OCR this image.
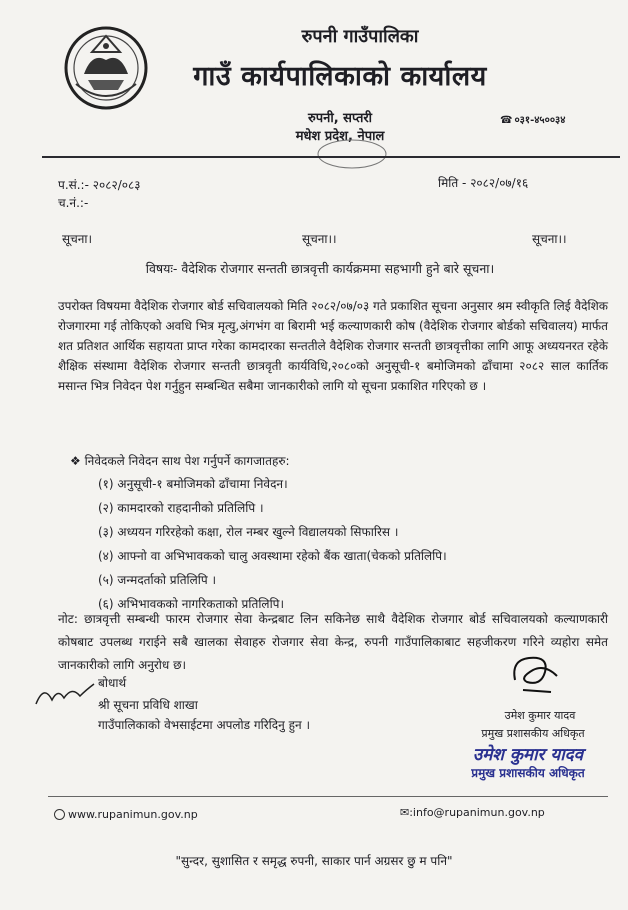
रुपनी गाउँपालिका
गाउँ कार्यपालिकाको कार्यालय
रुपनी, सप्तरी
मधेश प्रदेश, नेपाल
☎ ०३१-४५००३४
प.सं.:- २०८२/०८३
च.नं.:-
मिति - २०८२/०७/१६
सूचना।	सूचना।।	सूचना।।
विषयः- वैदेशिक रोजगार सन्तती छात्रवृत्ती कार्यक्रममा सहभागी हुने बारे सूचना।
उपरोक्त विषयमा वैदेशिक रोजगार बोर्ड सचिवालयको मिति २०८२/०७/०३ गते प्रकाशित सूचना अनुसार श्रम स्वीकृति लिई वैदेशिक रोजगारमा गई तोकिएको अवधि भित्र मृत्यु,अंगभंग वा बिरामी भई कल्याणकारी कोष (वैदेशिक रोजगार बोर्डको सचिवालय) मार्फत शत प्रतिशत आर्थिक सहायता प्राप्त गरेका कामदारका सन्ततीले वैदेशिक रोजगार सन्तती छात्रवृत्तीका लागि आफू अध्ययनरत रहेके शैक्षिक संस्थामा वैदेशिक रोजगार सन्तती छात्रवृती कार्यविधि,२०८०को अनुसूची-१ बमोजिमको ढाँचामा २०८२ साल कार्तिक मसान्त भित्र निवेदन पेश गर्नुहुन सम्बन्धित सबैमा जानकारीको लागि यो सूचना प्रकाशित गरिएको छ ।
❖ निवेदकले निवेदन साथ पेश गर्नुपर्ने कागजातहरु:
(१) अनुसूची-१ बमोजिमको ढाँचामा निवेदन।
(२) कामदारको राहदानीको प्रतिलिपि ।
(३) अध्ययन गरिरहेको कक्षा, रोल नम्बर खुल्ने विद्यालयको सिफारिस ।
(४) आफ्नो वा अभिभावकको चालु अवस्थामा रहेको बैंक खाता(चेकको प्रतिलिपि।
(५) जन्मदर्ताको प्रतिलिपि ।
(६) अभिभावकको नागरिकताको प्रतिलिपि।
नोट: छात्रवृत्ती सम्बन्धी फारम रोजगार सेवा केन्द्रबाट लिन सकिनेछ साथै वैदेशिक रोजगार बोर्ड सचिवालयको कल्याणकारी कोषबाट उपलब्ध गराईने सबै खालका सेवाहरु रोजगार सेवा केन्द्र, रुपनी गाउँपालिकाबाट सहजीकरण गरिने व्यहोरा समेत जानकारीको लागि अनुरोध छ।
बोधार्थ
श्री सूचना प्रविधि शाखा
गाउँपालिकाको वेभसाईटमा अपलोड गरिदिनु हुन ।
उमेश कुमार यादव
प्रमुख प्रशासकीय अधिकृत
उमेश कुमार यादव
प्रमुख प्रशासकीय अधिकृत
www.rupanimun.gov.np	✉:info@rupanimun.gov.np
"सुन्दर, सुशासित र समृद्ध रुपनी, साकार पार्न अग्रसर छु म पनि"
